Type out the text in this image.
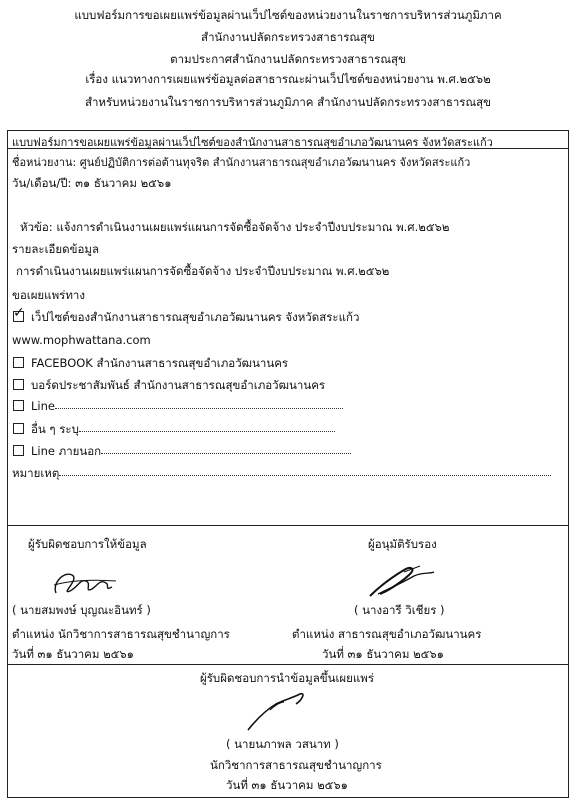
แบบฟอร์มการขอเผยแพร่ข้อมูลผ่านเว็ปไซต์ของหน่วยงานในราชการบริหารส่วนภูมิภาค
สำนักงานปลัดกระทรวงสาธารณสุข
ตามประกาศสำนักงานปลัดกระทรวงสาธารณสุข
เรื่อง แนวทางการเผยแพร่ข้อมูลต่อสาธารณะผ่านเว็ปไซต์ของหน่วยงาน พ.ศ.๒๕๖๒
สำหรับหน่วยงานในราชการบริหารส่วนภูมิภาค สำนักงานปลัดกระทรวงสาธารณสุข
แบบฟอร์มการขอเผยแพร่ข้อมูลผ่านเว็ปไซต์ของสำนักงานสาธารณสุขอำเภอวัฒนานคร จังหวัดสระแก้ว
ชื่อหน่วยงาน: ศูนย์ปฏิบัติการต่อต้านทุจริต สำนักงานสาธารณสุขอำเภอวัฒนานคร จังหวัดสระแก้ว
วัน/เดือน/ปี: ๓๑ ธันวาคม ๒๕๖๑
หัวข้อ: แจ้งการดำเนินงานเผยแพร่แผนการจัดซื้อจัดจ้าง ประจำปีงบประมาณ พ.ศ.๒๕๖๒
รายละเอียดข้อมูล
การดำเนินงานเผยแพร่แผนการจัดซื้อจัดจ้าง ประจำปีงบประมาณ พ.ศ.๒๕๖๒
ขอเผยแพร่ทาง
✓ เว็ปไซต์ของสำนักงานสาธารณสุขอำเภอวัฒนานคร จังหวัดสระแก้ว
www.mophwattana.com
FACEBOOK สำนักงานสาธารณสุขอำเภอวัฒนานคร
บอร์ดประชาสัมพันธ์ สำนักงานสาธารณสุขอำเภอวัฒนานคร
Line
อื่น ๆ ระบุ
Line ภายนอก
หมายเหตุ
ผู้รับผิดชอบการให้ข้อมูล
( นายสมพงษ์ บุญณะอินทร์ )
ตำแหน่ง นักวิชาการสาธารณสุขชำนาญการ
วันที่ ๓๑ ธันวาคม ๒๕๖๑
ผู้อนุมัติรับรอง
( นางอารี วิเชียร )
ตำแหน่ง สาธารณสุขอำเภอวัฒนานคร
วันที่ ๓๑ ธันวาคม ๒๕๖๑
ผู้รับผิดชอบการนำข้อมูลขึ้นเผยแพร่
( นายนภาพล วสนาท )
นักวิชาการสาธารณสุขชำนาญการ
วันที่ ๓๑ ธันวาคม ๒๕๖๑
